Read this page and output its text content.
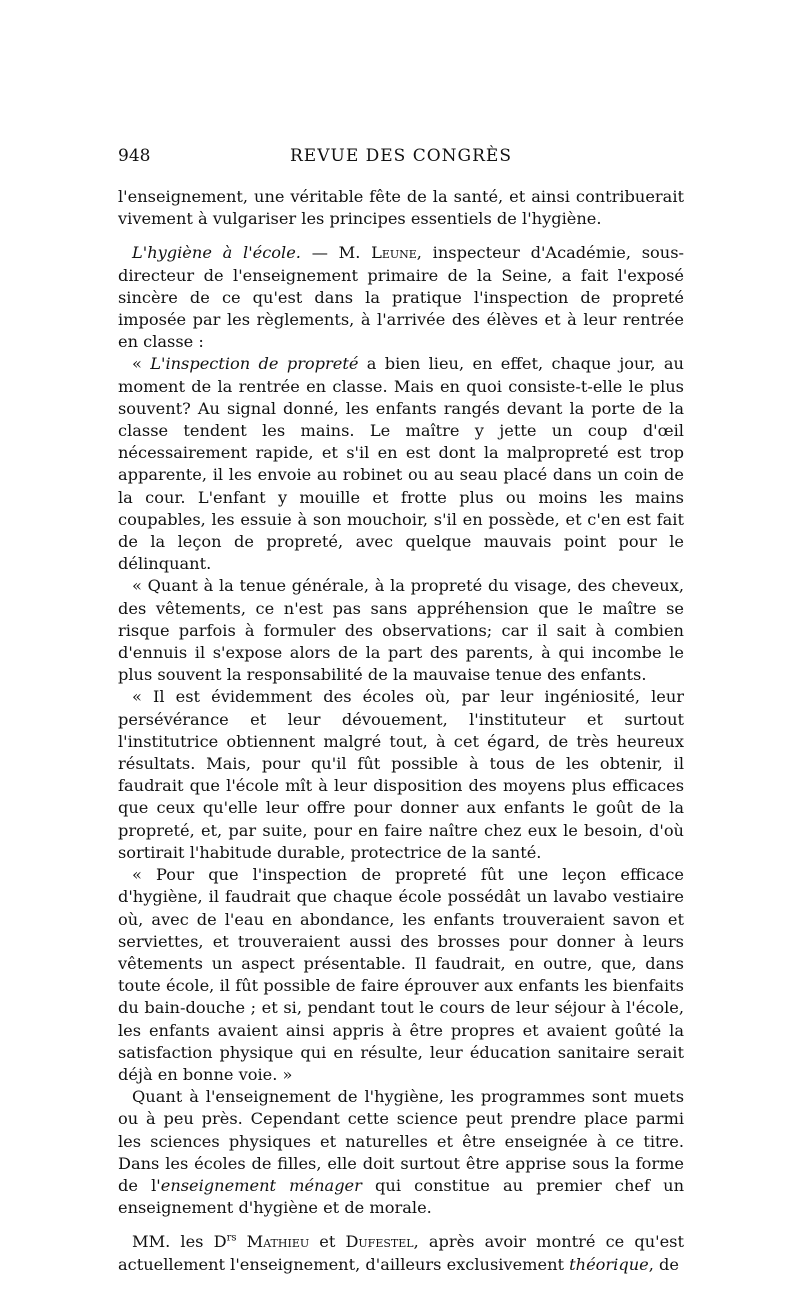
948	REVUE DES CONGRÈS

l'enseignement, une véritable fête de la santé, et ainsi contribuerait vivement à vulgariser les principes essentiels de l'hygiène.

L'hygiène à l'école. — M. Leune, inspecteur d'Académie, sous-directeur de l'enseignement primaire de la Seine, a fait l'exposé sincère de ce qu'est dans la pratique l'inspection de propreté imposée par les règlements, à l'arrivée des élèves et à leur rentrée en classe :

« L'inspection de propreté a bien lieu, en effet, chaque jour, au moment de la rentrée en classe. Mais en quoi consiste-t-elle le plus souvent? Au signal donné, les enfants rangés devant la porte de la classe tendent les mains. Le maître y jette un coup d'œil nécessairement rapide, et s'il en est dont la malpropreté est trop apparente, il les envoie au robinet ou au seau placé dans un coin de la cour. L'enfant y mouille et frotte plus ou moins les mains coupables, les essuie à son mouchoir, s'il en possède, et c'en est fait de la leçon de propreté, avec quelque mauvais point pour le délinquant.

« Quant à la tenue générale, à la propreté du visage, des cheveux, des vêtements, ce n'est pas sans appréhension que le maître se risque parfois à formuler des observations; car il sait à combien d'ennuis il s'expose alors de la part des parents, à qui incombe le plus souvent la responsabilité de la mauvaise tenue des enfants.

« Il est évidemment des écoles où, par leur ingéniosité, leur persévérance et leur dévouement, l'instituteur et surtout l'institutrice obtiennent malgré tout, à cet égard, de très heureux résultats. Mais, pour qu'il fût possible à tous de les obtenir, il faudrait que l'école mît à leur disposition des moyens plus efficaces que ceux qu'elle leur offre pour donner aux enfants le goût de la propreté, et, par suite, pour en faire naître chez eux le besoin, d'où sortirait l'habitude durable, protectrice de la santé.

« Pour que l'inspection de propreté fût une leçon efficace d'hygiène, il faudrait que chaque école possédât un lavabo vestiaire où, avec de l'eau en abondance, les enfants trouveraient savon et serviettes, et trouveraient aussi des brosses pour donner à leurs vêtements un aspect présentable. Il faudrait, en outre, que, dans toute école, il fût possible de faire éprouver aux enfants les bienfaits du bain-douche ; et si, pendant tout le cours de leur séjour à l'école, les enfants avaient ainsi appris à être propres et avaient goûté la satisfaction physique qui en résulte, leur éducation sanitaire serait déjà en bonne voie. »

Quant à l'enseignement de l'hygiène, les programmes sont muets ou à peu près. Cependant cette science peut prendre place parmi les sciences physiques et naturelles et être enseignée à ce titre. Dans les écoles de filles, elle doit surtout être apprise sous la forme de l'enseignement ménager qui constitue au premier chef un enseignement d'hygiène et de morale.

MM. les $D^{rs}$ Mathieu et Dufestel, après avoir montré ce qu'est actuellement l'enseignement, d'ailleurs exclusivement théorique, de
